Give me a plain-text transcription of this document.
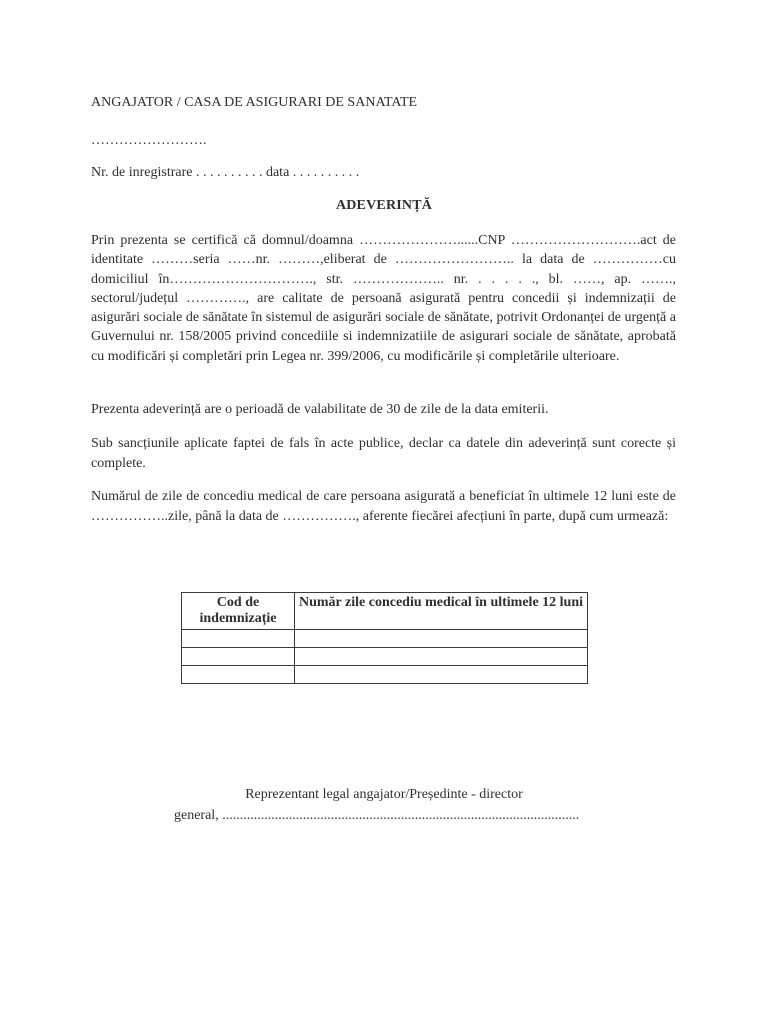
ANGAJATOR / CASA DE ASIGURARI DE SANATATE
…………………….
Nr. de inregistrare . . . . . . . . . . data . . . . . . . . . .
ADEVERINȚĂ
Prin prezenta se certifică că domnul/doamna …………………......CNP ……………………….act de identitate ………seria ……nr. ………,eliberat de …………………….. la data de ……………cu domiciliul în…………………………., str. ……………….. nr. . . . . ., bl. ……, ap. ……., sectorul/județul …………., are calitate de persoană asigurată pentru concedii și indemnizații de asigurări sociale de sănătate în sistemul de asigurări sociale de sănătate, potrivit Ordonanței de urgență a Guvernului nr. 158/2005 privind concediile si indemnizatiile de asigurari sociale de sănătate, aprobată cu modificări și completări prin Legea nr. 399/2006, cu modificările și completările ulterioare.
Prezenta adeverință are o perioadă de valabilitate de 30 de zile de la data emiterii.
Sub sancțiunile aplicate faptei de fals în acte publice, declar ca datele din adeverință sunt corecte și complete.
Numărul de zile de concediu medical de care persoana asigurată a beneficiat în ultimele 12 luni este de ……………..zile, până la data de ……………., aferente fiecărei afecțiuni în parte, după cum urmează:
Cod de indemnizație	Număr zile concediu medical în ultimele 12 luni

Reprezentant legal angajator/Președinte - director
general, ......................................................................................................
